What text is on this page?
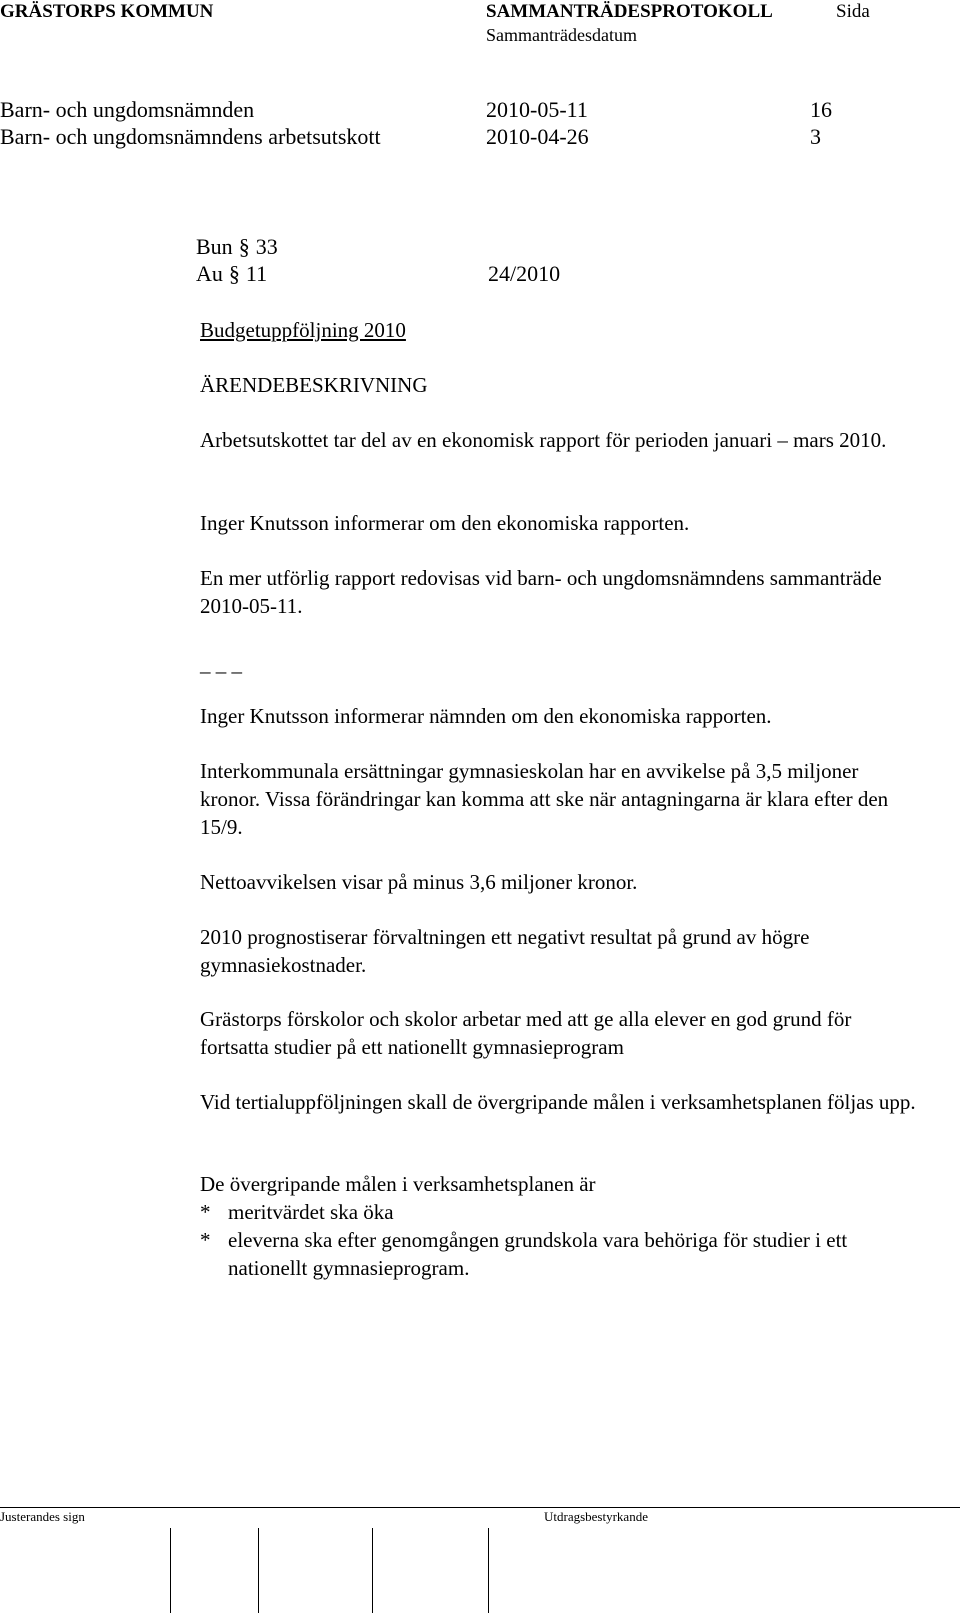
GRÄSTORPS KOMMUN	SAMMANTRÄDESPROTOKOLL	Sida
Sammanträdesdatum
Barn- och ungdomsnämnden	2010-05-11	16
Barn- och ungdomsnämndens arbetsutskott	2010-04-26	3
Bun § 33
Au § 11	24/2010
Budgetuppföljning 2010
ÄRENDEBESKRIVNING
Arbetsutskottet tar del av en ekonomisk rapport för perioden januari – mars 2010.
Inger Knutsson informerar om den ekonomiska rapporten.
En mer utförlig rapport redovisas vid barn- och ungdomsnämndens sammanträde 2010-05-11.
_ _ _
Inger Knutsson informerar nämnden om den ekonomiska rapporten.
Interkommunala ersättningar gymnasieskolan har en avvikelse på 3,5 miljoner kronor. Vissa förändringar kan komma att ske när antagningarna är klara efter den 15/9.
Nettoavvikelsen visar på minus 3,6 miljoner kronor.
2010 prognostiserar förvaltningen ett negativt resultat på grund av högre gymnasiekostnader.
Grästorps förskolor och skolor arbetar med att ge alla elever en god grund för fortsatta studier på ett nationellt gymnasieprogram
Vid tertialuppföljningen skall de övergripande målen i verksamhetsplanen följas upp.
De övergripande målen i verksamhetsplanen är
* meritvärdet ska öka
* eleverna ska efter genomgången grundskola vara behöriga för studier i ett nationellt gymnasieprogram.
Justerandes sign	Utdragsbestyrkande
